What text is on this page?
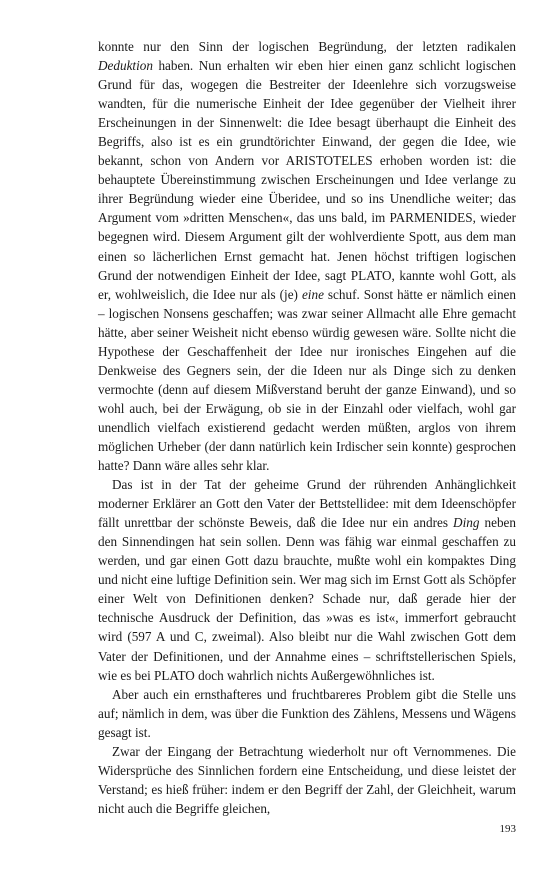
konnte nur den Sinn der logischen Begründung, der letzten radikalen Deduktion haben. Nun erhalten wir eben hier einen ganz schlicht logischen Grund für das, wogegen die Bestreiter der Ideenlehre sich vorzugsweise wandten, für die numerische Einheit der Idee gegenüber der Vielheit ihrer Erscheinungen in der Sinnenwelt: die Idee besagt überhaupt die Einheit des Begriffs, also ist es ein grundtörichter Einwand, der gegen die Idee, wie bekannt, schon von Andern vor ARISTOTELES erhoben worden ist: die behauptete Übereinstimmung zwischen Erscheinungen und Idee verlange zu ihrer Begründung wieder eine Überidee, und so ins Unendliche weiter; das Argument vom »dritten Menschen«, das uns bald, im PARMENIDES, wieder begegnen wird. Diesem Argument gilt der wohlverdiente Spott, aus dem man einen so lächerlichen Ernst gemacht hat. Jenen höchst triftigen logischen Grund der notwendigen Einheit der Idee, sagt PLATO, kannte wohl Gott, als er, wohlweislich, die Idee nur als (je) eine schuf. Sonst hätte er nämlich einen – logischen Nonsens geschaffen; was zwar seiner Allmacht alle Ehre gemacht hätte, aber seiner Weisheit nicht ebenso würdig gewesen wäre. Sollte nicht die Hypothese der Geschaffenheit der Idee nur ironisches Eingehen auf die Denkweise des Gegners sein, der die Ideen nur als Dinge sich zu denken vermochte (denn auf diesem Mißverstand beruht der ganze Einwand), und so wohl auch, bei der Erwägung, ob sie in der Einzahl oder vielfach, wohl gar unendlich vielfach existierend gedacht werden müßten, arglos von ihrem möglichen Urheber (der dann natürlich kein Irdischer sein konnte) gesprochen hatte? Dann wäre alles sehr klar.

Das ist in der Tat der geheime Grund der rührenden Anhänglichkeit moderner Erklärer an Gott den Vater der Bettstellidee: mit dem Ideenschöpfer fällt unrettbar der schönste Beweis, daß die Idee nur ein andres Ding neben den Sinnendingen hat sein sollen. Denn was fähig war einmal geschaffen zu werden, und gar einen Gott dazu brauchte, mußte wohl ein kompaktes Ding und nicht eine luftige Definition sein. Wer mag sich im Ernst Gott als Schöpfer einer Welt von Definitionen denken? Schade nur, daß gerade hier der technische Ausdruck der Definition, das »was es ist«, immerfort gebraucht wird (597 A und C, zweimal). Also bleibt nur die Wahl zwischen Gott dem Vater der Definitionen, und der Annahme eines – schriftstellerischen Spiels, wie es bei PLATO doch wahrlich nichts Außergewöhnliches ist.

Aber auch ein ernsthafteres und fruchtbareres Problem gibt die Stelle uns auf; nämlich in dem, was über die Funktion des Zählens, Messens und Wägens gesagt ist.

Zwar der Eingang der Betrachtung wiederholt nur oft Vernommenes. Die Widersprüche des Sinnlichen fordern eine Entscheidung, und diese leistet der Verstand; es hieß früher: indem er den Begriff der Zahl, der Gleichheit, warum nicht auch die Begriffe gleichen,

193
